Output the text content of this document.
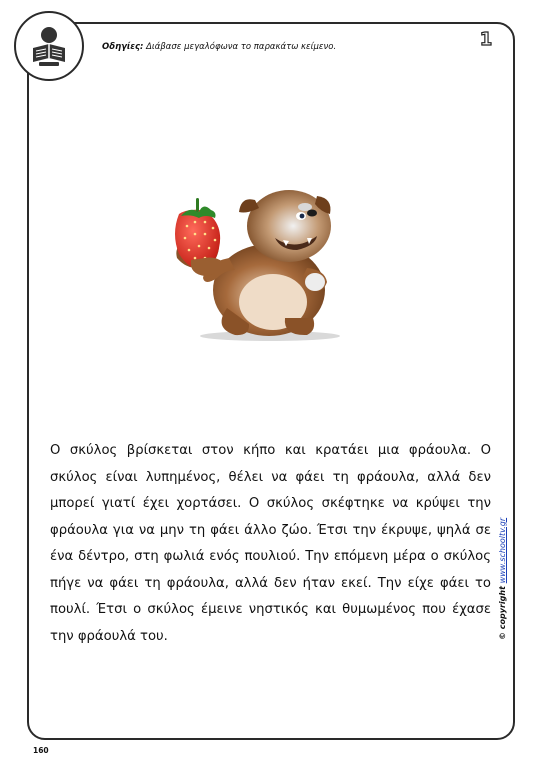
Οδηγίες: Διάβασε μεγαλόφωνα το παρακάτω κείμενο.	1

Ο σκύλος βρίσκεται στον κήπο και κρατάει μια φράουλα. Ο σκύλος είναι λυπημένος, θέλει να φάει τη φράουλα, αλλά δεν μπορεί γιατί έχει χορτάσει. Ο σκύλος σκέφτηκε να κρύψει την φράουλα για να μην τη φάει άλλο ζώο. Έτσι την έκρυψε, ψηλά σε ένα δέντρο, στη φωλιά ενός πουλιού. Την επόμενη μέρα ο σκύλος πήγε να φάει τη φράουλα, αλλά δεν ήταν εκεί. Την είχε φάει το πουλί. Έτσι ο σκύλος έμεινε νηστικός και θυμωμένος που έχασε την φράουλά του.	© copyright www.schooltv.gr
160
